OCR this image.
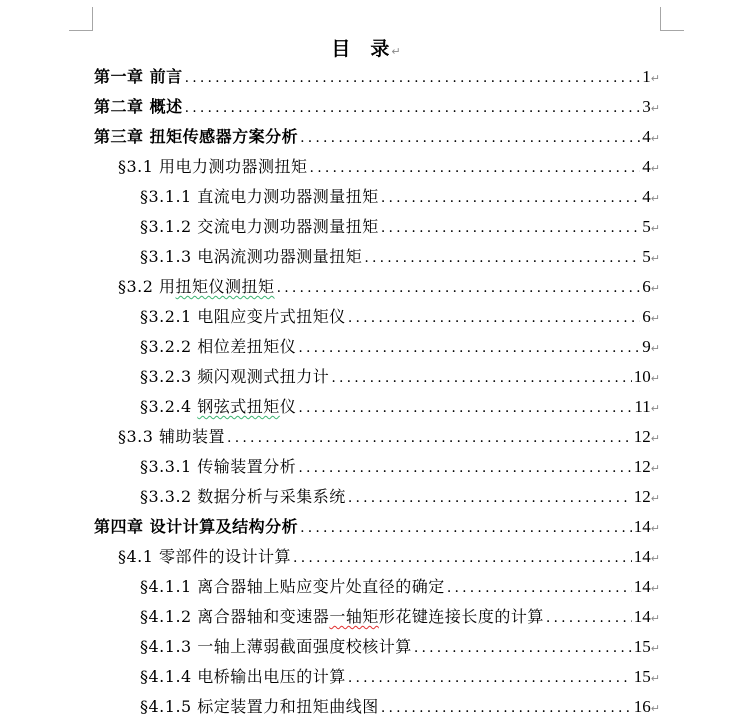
目 录↵
第一章 前言 .....	1 ↵
第二章 概述 .....	3 ↵
第三章 扭矩传感器方案分析 .....	4 ↵
§3.1 用电力测功器测扭矩 .....	4 ↵
§3.1.1 直流电力测功器测量扭矩 .....	4 ↵
§3.1.2 交流电力测功器测量扭矩 .....	5 ↵
§3.1.3 电涡流测功器测量扭矩 .....	5 ↵
§3.2 用扭矩仪测扭矩 .....	6 ↵
§3.2.1 电阻应变片式扭矩仪 .....	6 ↵
§3.2.2 相位差扭矩仪 .....	9 ↵
§3.2.3 频闪观测式扭力计 .....	10 ↵
§3.2.4 钢弦式扭矩仪 .....	11 ↵
§3.3 辅助装置 .....	12 ↵
§3.3.1 传输装置分析 .....	12 ↵
§3.3.2 数据分析与采集系统 .....	12 ↵
第四章 设计计算及结构分析 .....	14 ↵
§4.1 零部件的设计计算 .....	14 ↵
§4.1.1 离合器轴上贴应变片处直径的确定 .....	14 ↵
§4.1.2 离合器轴和变速器一轴矩形花键连接长度的计算 .....	14 ↵
§4.1.3 一轴上薄弱截面强度校核计算 .....	15 ↵
§4.1.4 电桥输出电压的计算 .....	15 ↵
§4.1.5 标定装置力和扭矩曲线图 .....	16 ↵
